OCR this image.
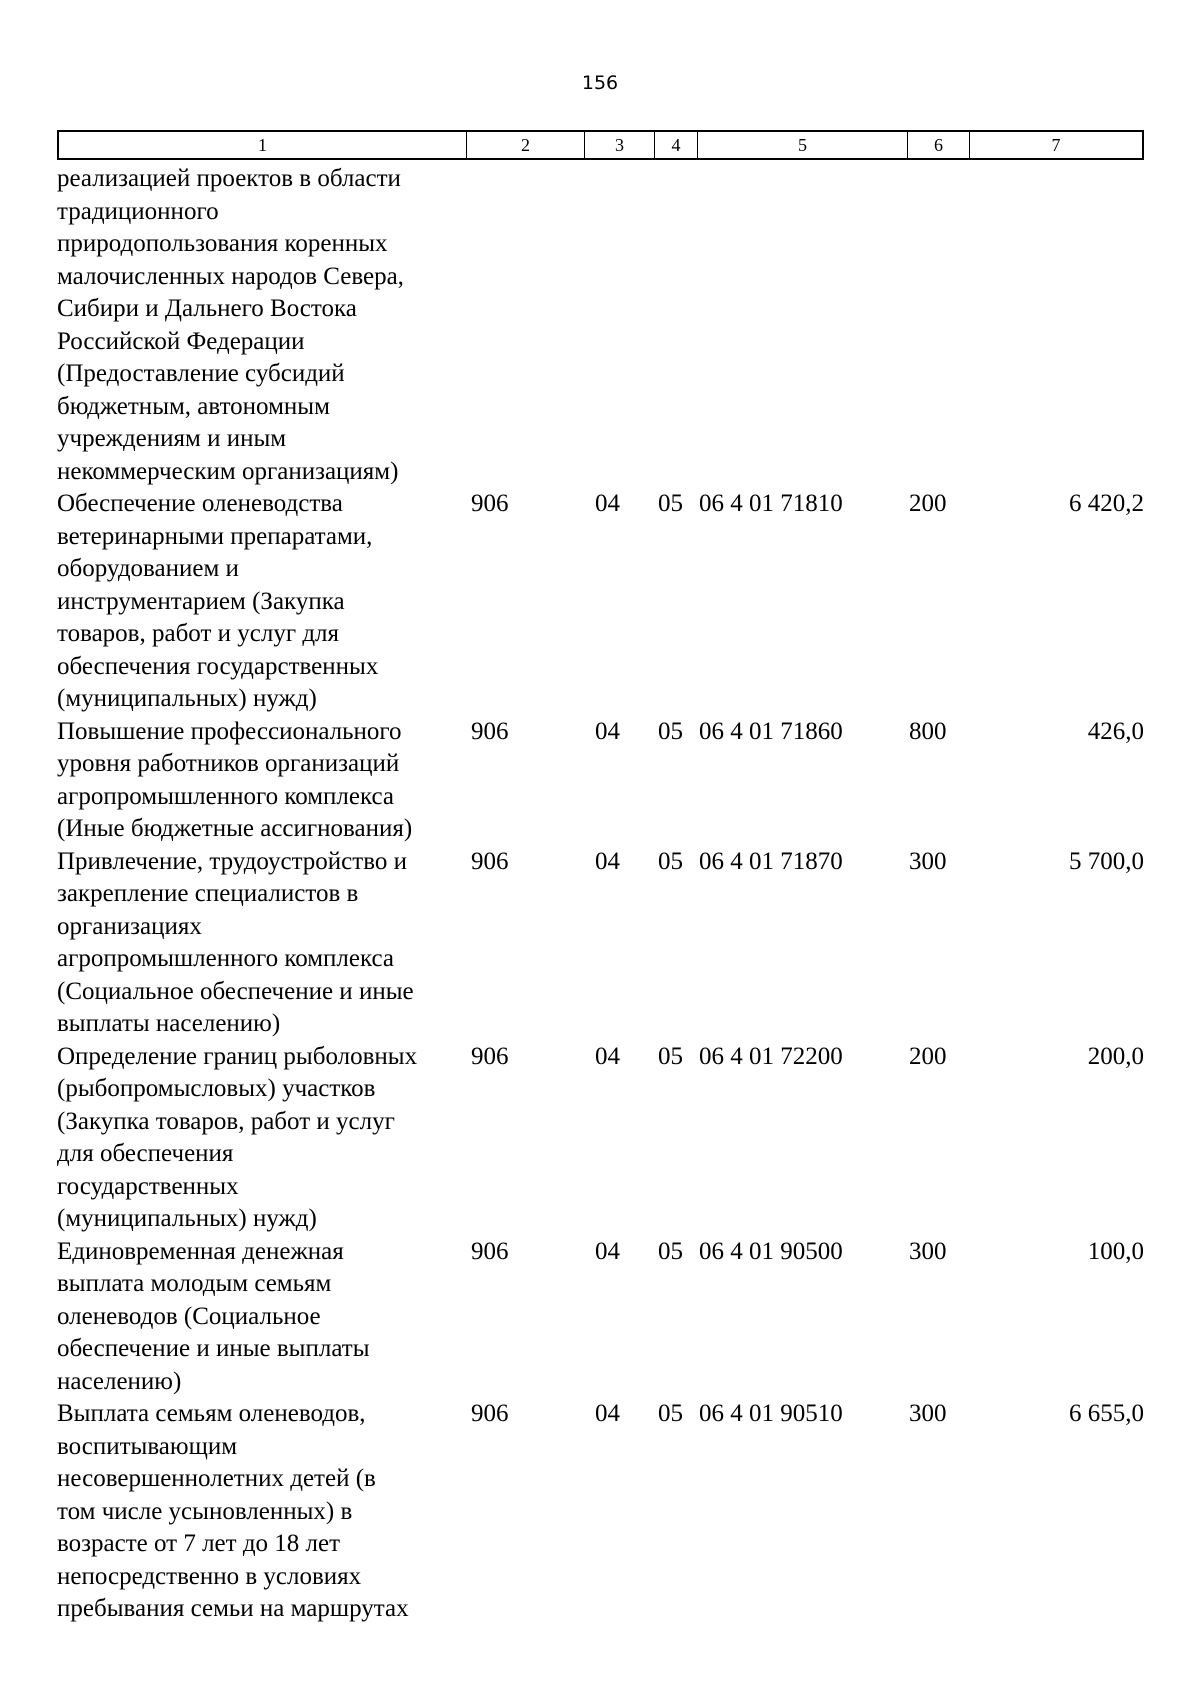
156
1	2	3	4	5	6	7
реализацией проектов в области
традиционного
природопользования коренных
малочисленных народов Севера,
Сибири и Дальнего Востока
Российской Федерации
(Предоставление субсидий
бюджетным, автономным
учреждениям и иным
некоммерческим организациям)
Обеспечение оленеводства
ветеринарными препаратами,
оборудованием и
инструментарием (Закупка
товаров, работ и услуг для
обеспечения государственных
(муниципальных) нужд)
906	04	05 06 4 01 71810	200	6 420,2
Повышение профессионального
уровня работников организаций
агропромышленного комплекса
(Иные бюджетные ассигнования)
906	04	05 06 4 01 71860	800	426,0
Привлечение, трудоустройство и
закрепление специалистов в
организациях
агропромышленного комплекса
(Социальное обеспечение и иные
выплаты населению)
906	04	05 06 4 01 71870	300	5 700,0
Определение границ рыболовных
(рыбопромысловых) участков
(Закупка товаров, работ и услуг
для обеспечения
государственных
(муниципальных) нужд)
906	04	05 06 4 01 72200	200	200,0
Единовременная денежная
выплата молодым семьям
оленеводов (Социальное
обеспечение и иные выплаты
населению)
906	04	05 06 4 01 90500	300	100,0
Выплата семьям оленеводов,
воспитывающим
несовершеннолетних детей (в
том числе усыновленных) в
возрасте от 7 лет до 18 лет
непосредственно в условиях
пребывания семьи на маршрутах
906	04	05 06 4 01 90510	300	6 655,0
